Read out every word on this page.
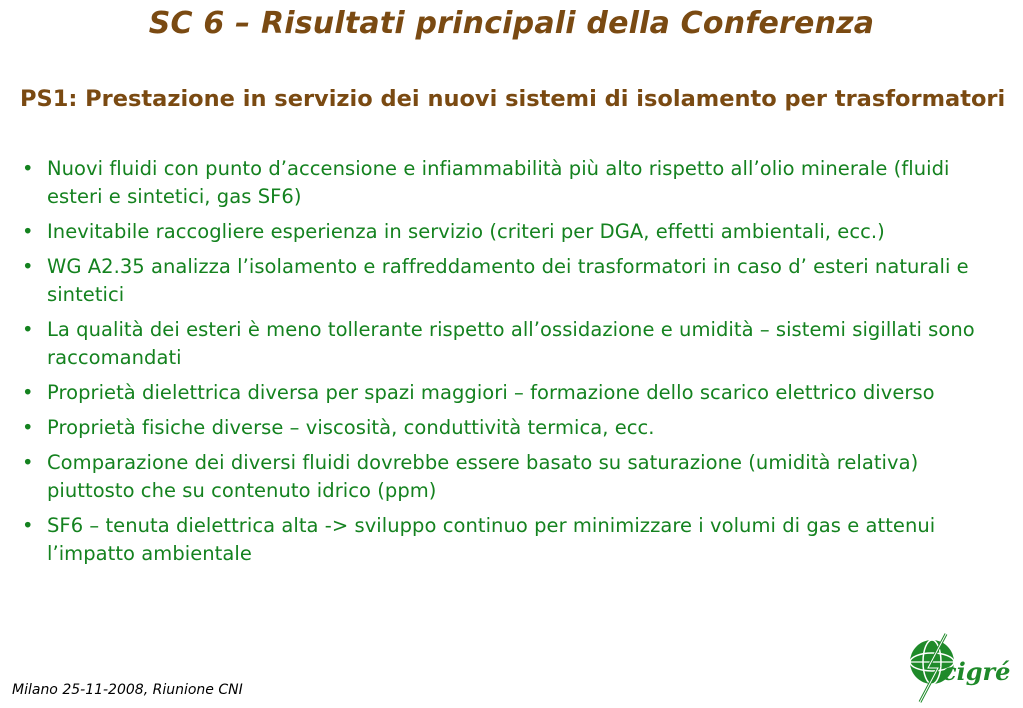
SC 6 – Risultati principali della Conferenza
PS1: Prestazione in servizio dei nuovi sistemi di isolamento per trasformatori
• Nuovi fluidi con punto d’accensione e infiammabilità più alto rispetto all’olio minerale (fluidi esteri e sintetici, gas SF6)
• Inevitabile raccogliere esperienza in servizio (criteri per DGA, effetti ambientali, ecc.)
• WG A2.35 analizza l’isolamento e raffreddamento dei trasformatori in caso d’ esteri naturali e sintetici
• La qualità dei esteri è meno tollerante rispetto all’ossidazione e umidità – sistemi sigillati sono raccomandati
• Proprietà dielettrica diversa per spazi maggiori – formazione dello scarico elettrico diverso
• Proprietà fisiche diverse – viscosità, conduttività termica, ecc.
• Comparazione dei diversi fluidi dovrebbe essere basato su saturazione (umidità relativa) piuttosto che su contenuto idrico (ppm)
• SF6 – tenuta dielettrica alta -> sviluppo continuo per minimizzare i volumi di gas e attenui l’impatto ambientale
Milano 25-11-2008, Riunione CNI
cigré
